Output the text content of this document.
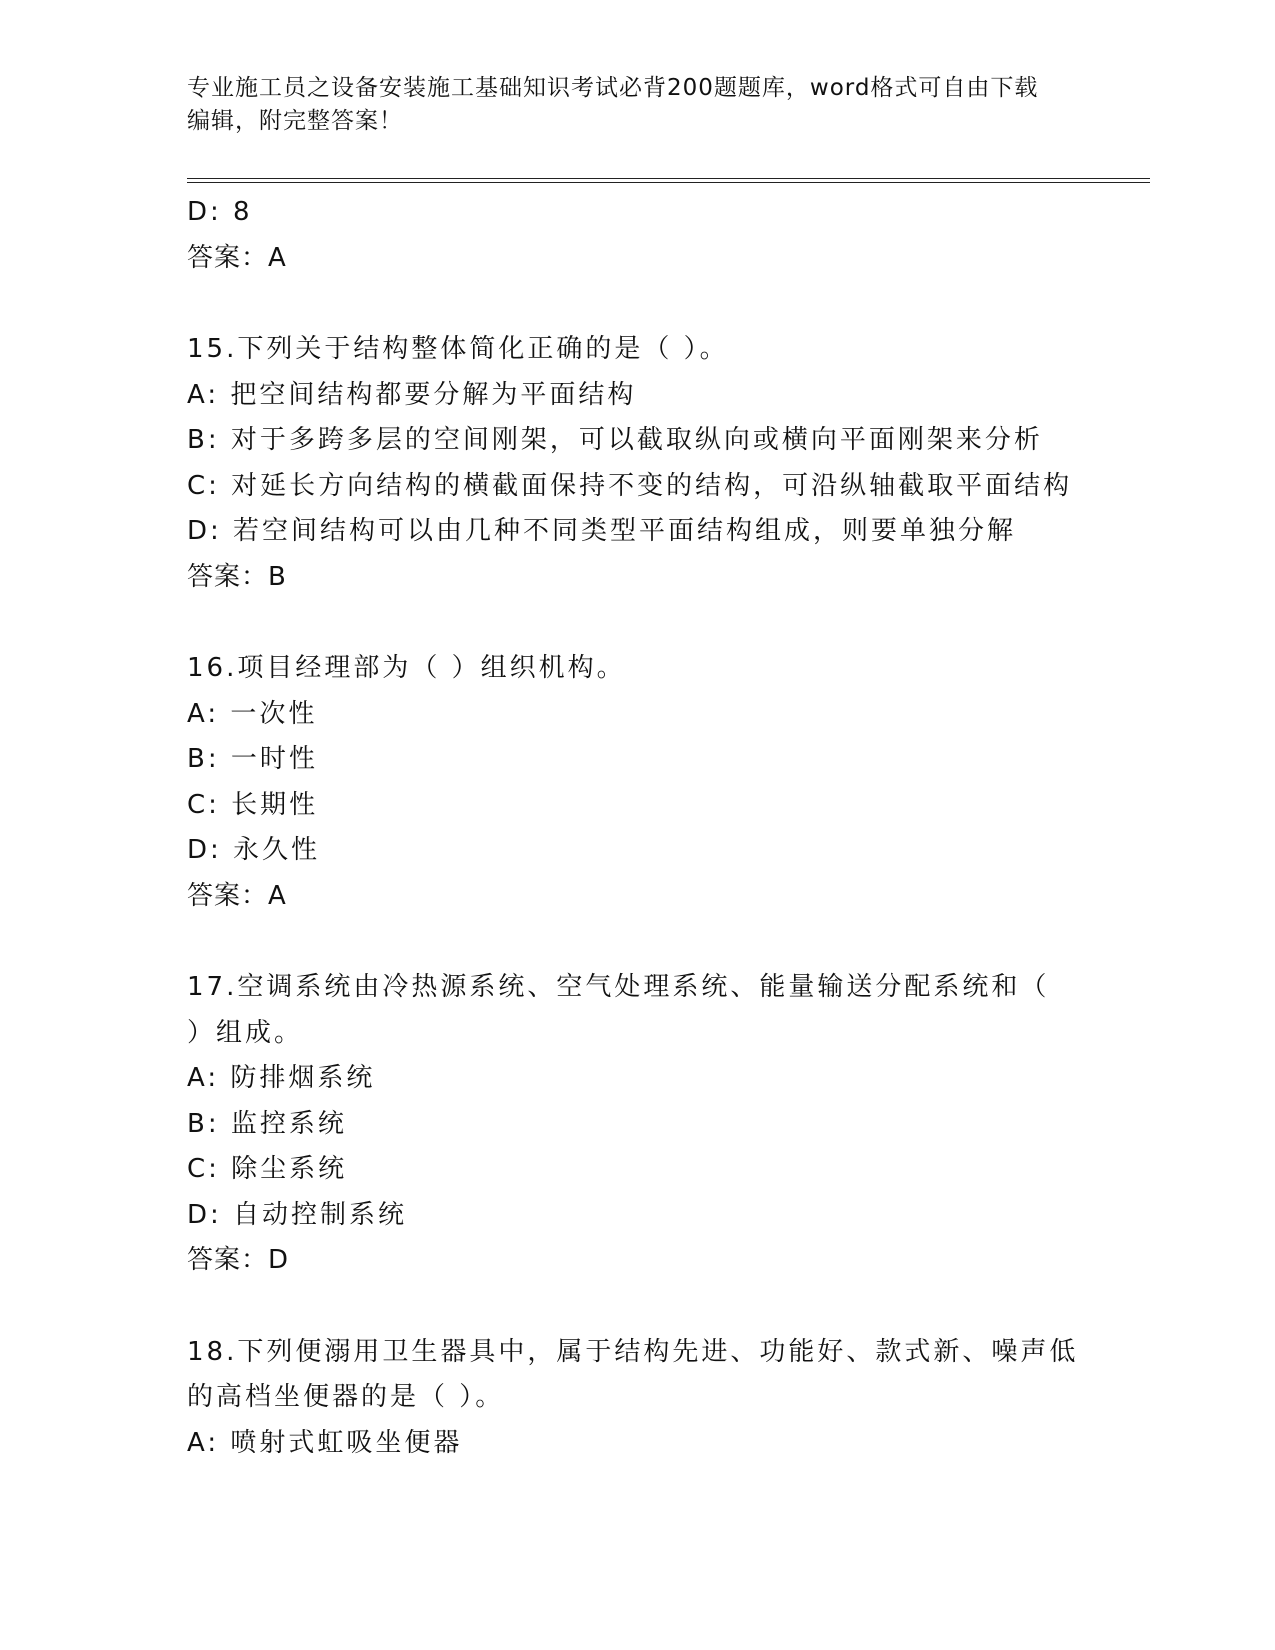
专业施工员之设备安装施工基础知识考试必背200题题库，word格式可自由下载
编辑，附完整答案！
D: 8
答案：A
15.下列关于结构整体简化正确的是（ ）。
A: 把空间结构都要分解为平面结构
B: 对于多跨多层的空间刚架，可以截取纵向或横向平面刚架来分析
C: 对延长方向结构的横截面保持不变的结构，可沿纵轴截取平面结构
D: 若空间结构可以由几种不同类型平面结构组成，则要单独分解
答案：B
16.项目经理部为（ ）组织机构。
A: 一次性
B: 一时性
C: 长期性
D: 永久性
答案：A
17.空调系统由冷热源系统、空气处理系统、能量输送分配系统和（
）组成。
A: 防排烟系统
B: 监控系统
C: 除尘系统
D: 自动控制系统
答案：D
18.下列便溺用卫生器具中，属于结构先进、功能好、款式新、噪声低
的高档坐便器的是（ ）。
A: 喷射式虹吸坐便器
